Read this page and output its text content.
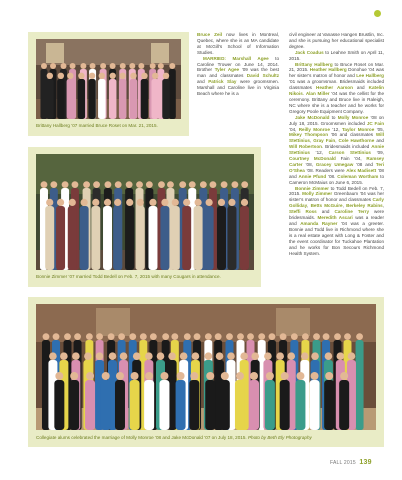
Brittany Hallberg ’07 married Bruce Roset on Mar. 21, 2015.
Bonnie Zimmer ’07 married Todd Bedell on Feb. 7, 2015 with many Cougars in attendance.
Collegiate alums celebrated the marriage of Molly Monroe ’08 and Jake McDonald ’07 on July 18, 2015. Photo by Beth Ely Photography

Bruce Zeil now lives in Montreal, Quebec, where she is an MA candidate at McGill’s School of Information Studies.

MARRIED: Marshall Agee to Caroline Trower on June 14, 2014. Brother Tyler Agee ’09 was the best man and classmates David Schultz and Patrick Slay were groomsmen. Marshall and Caroline live in Virginia Beach where he is a

civil engineer at Vanasse Hangen Brustlin, Inc. and she is pursuing her educational specialist degree.

Jack Coadus to Leahne Smith on April 11, 2015.

Brittany Hallberg to Bruce Roset on Mar. 21, 2015. Heather Hallberg Donohue ’04 was her sister’s matron of honor and Lee Hallberg ’01 was a groomsman. Bridesmaids included classmates Heather Aarson and Katelin Nikois. Alan Miller ’04 was the cellist for the ceremony. Brittany and Bruce live in Raleigh, NC where she is a teacher and he works for Gregory Poole Equipment Company.

Jake McDonald to Molly Monroe ’08 on July 18, 2015. Groomsmen included JC Fain ’04, Reilly Monroe ’12, Taylor Monroe ’05, Mikey Thompson ’06 and classmates Will Stettinius, Gray Fain, Cole Hawthorne and Will Robertson. Bridesmaids included Annie Stettinius ’12, Carson Stettinius ’09, Courtney McDonald Fain ’04, Ramsey Carter ’08, Gracey Umegaw ’08 and Teri O’Shea ’08. Readers were Alex Madisett ’08 and Annie Pfund ’08. Coleman Wortham to Cameron McMaius on June 6, 2015.

Bonnie Zimmer to Todd Bedell on Feb. 7, 2015. Molly Zimmer Greenbaum ’04 was her sister’s matron of honor and classmates Carly Golliday, Betts McGuire, Berkeley Rabins, Steffi Ross and Caroline Terry were bridesmaids. Meredith Ascari was a reader and Amanda Rayner ’04 was a greeter. Bonnie and Todd live in Richmond where she is a real estate agent with Long & Foster and the event coordinator for Tuckahoe Plantation and he works for Bon Secours Richmond Health System.

FALL 2015 139
